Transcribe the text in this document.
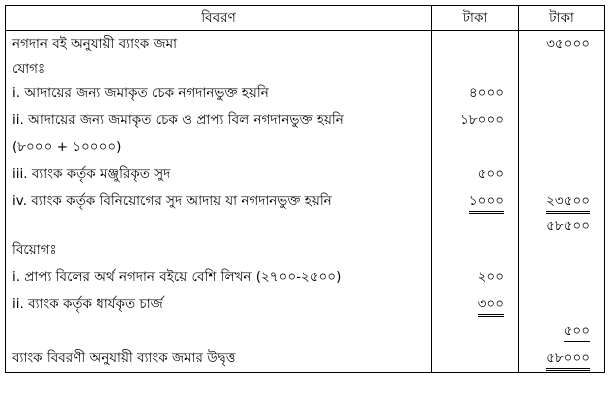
বিবরণ	টাকা	টাকা
নগদান বই অনুযায়ী ব্যাংক জমা		৩৫০০০
যোগঃ		
i. আদায়ের জন্য জমাকৃত চেক নগদানভুক্ত হয়নি	৪০০০	
ii. আদায়ের জন্য জমাকৃত চেক ও প্রাপ্য বিল নগদানভুক্ত হয়নি	১৮০০০	
(৮০০০ + ১০০০০)		
iii. ব্যাংক কর্তৃক মঞ্জুরিকৃত সুদ	৫০০	
iv. ব্যাংক কর্তৃক বিনিয়োগের সুদ আদায় যা নগদানভুক্ত হয়নি	১০০০	২৩৫০০
		৫৮৫০০
বিয়োগঃ		
i. প্রাপ্য বিলের অর্থ নগদান বইয়ে বেশি লিখন (২৭০০-২৫০০)	২০০	
ii. ব্যাংক কর্তৃক ধার্যকৃত চার্জ	৩০০	
		৫০০
ব্যাংক বিবরণী অনুযায়ী ব্যাংক জমার উদ্বৃত্ত		৫৮০০০
